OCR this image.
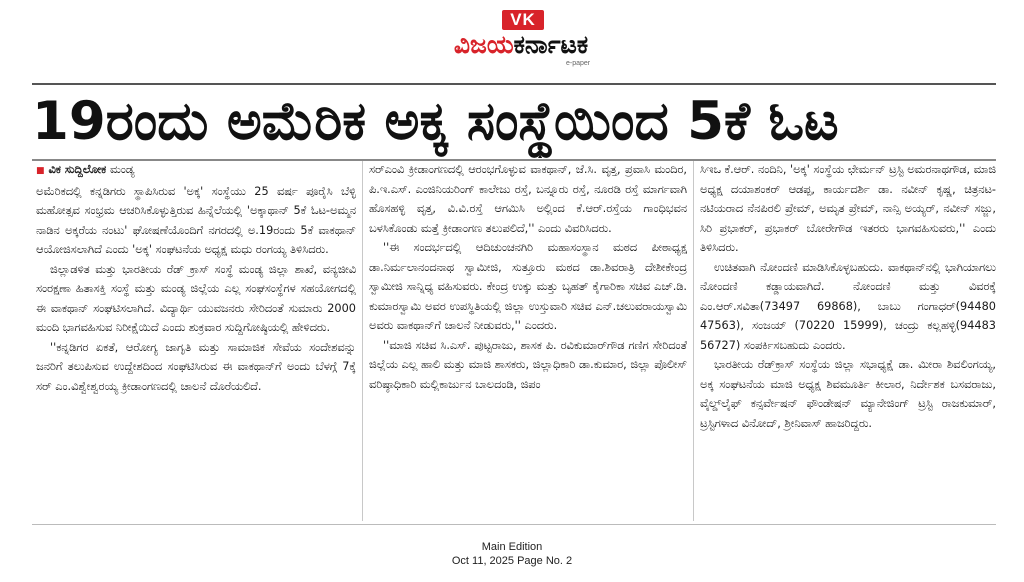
VK
ವಿಜಯಕರ್ನಾಟಕ
e-paper
19ರಂದು ಅಮೆರಿಕ ಅಕ್ಕ ಸಂಸ್ಥೆಯಿಂದ 5ಕೆ ಓಟ

■ ವಿಕ ಸುದ್ದಿಲೋಕ ಮಂಡ್ಯ

ಅಮೆರಿಕದಲ್ಲಿ ಕನ್ನಡಿಗರು ಸ್ಥಾಪಿಸಿರುವ 'ಅಕ್ಕ' ಸಂಸ್ಥೆಯು 25 ವರ್ಷ ಪೂರೈಸಿ ಬೆಳ್ಳಿ ಮಹೋತ್ಸವ ಸಂಭ್ರಮ ಆಚರಿಸಿಕೊಳ್ಳುತ್ತಿರುವ ಹಿನ್ನೆಲೆಯಲ್ಲಿ 'ಅಕ್ಕಾಥಾನ್ 5ಕೆ ಓಟ-ಅಮ್ಮನ ನಾಡಿನ ಅಕ್ಕರೆಯ ನಂಟು' ಘೋಷಣೆಯೊಂದಿಗೆ ನಗರದಲ್ಲಿ ಅ.19ರಂದು 5ಕೆ ವಾಕಥಾನ್ ಆಯೋಜಿಸಲಾಗಿದೆ ಎಂದು 'ಅಕ್ಕ' ಸಂಘಟನೆಯ ಅಧ್ಯಕ್ಷ ಮಧು ರಂಗಯ್ಯ ತಿಳಿಸಿದರು.

ಜಿಲ್ಲಾಡಳಿತ ಮತ್ತು ಭಾರತೀಯ ರೆಡ್ ಕ್ರಾಸ್ ಸಂಸ್ಥೆ ಮಂಡ್ಯ ಜಿಲ್ಲಾ ಶಾಖೆ, ವನ್ಯಜೀವಿ ಸಂರಕ್ಷಣಾ ಹಿತಾಸಕ್ತಿ ಸಂಸ್ಥೆ ಮತ್ತು ಮಂಡ್ಯ ಜಿಲ್ಲೆಯ ಎಲ್ಲ ಸಂಘಸಂಸ್ಥೆಗಳ ಸಹಯೋಗದಲ್ಲಿ ಈ ವಾಕಥಾನ್ ಸಂಘಟಿಸಲಾಗಿದೆ. ವಿದ್ಯಾರ್ಥಿ ಯುವಜನರು ಸೇರಿದಂತೆ ಸುಮಾರು 2000 ಮಂದಿ ಭಾಗವಹಿಸುವ ನಿರೀಕ್ಷೆಯಿದೆ ಎಂದು ಶುಕ್ರವಾರ ಸುದ್ದಿಗೋಷ್ಠಿಯಲ್ಲಿ ಹೇಳಿದರು.

''ಕನ್ನಡಿಗರ ಏಕತೆ, ಆರೋಗ್ಯ ಜಾಗೃತಿ ಮತ್ತು ಸಾಮಾಜಿಕ ಸೇವೆಯ ಸಂದೇಶವನ್ನು ಜನರಿಗೆ ತಲುಪಿಸುವ ಉದ್ದೇಶದಿಂದ ಸಂಘಟಿಸಿರುವ ಈ ವಾಕಥಾನ್‌ಗೆ ಅಂದು ಬೆಳಗ್ಗೆ 7ಕ್ಕೆ ಸರ್ ಎಂ.ವಿಶ್ವೇಶ್ವರಯ್ಯ ಕ್ರೀಡಾಂಗಣದಲ್ಲಿ ಚಾಲನೆ ದೊರೆಯಲಿದೆ.

ಸರ್‌ಎಂವಿ ಕ್ರೀಡಾಂಗಣದಲ್ಲಿ ಆರಂಭಗೊಳ್ಳುವ ವಾಕಥಾನ್, ಜೆ.ಸಿ. ವೃತ್ತ, ಪ್ರವಾಸಿ ಮಂದಿರ, ಪಿ.ಇ.ಎಸ್. ಎಂಜಿನಿಯರಿಂಗ್ ಕಾಲೇಜು ರಸ್ತೆ, ಬನ್ನೂರು ರಸ್ತೆ, ನೂರಡಿ ರಸ್ತೆ ಮಾರ್ಗವಾಗಿ ಹೊಸಹಳ್ಳಿ ವೃತ್ತ, ವಿ.ವಿ.ರಸ್ತೆ ಆಗಮಿಸಿ ಅಲ್ಲಿಂದ ಕೆ.ಆರ್.ರಸ್ತೆಯ ಗಾಂಧಿಭವನ ಬಳಸಿಕೊಂಡು ಮತ್ತೆ ಕ್ರೀಡಾಂಗಣ ತಲುಪಲಿದೆ,'' ಎಂದು ವಿವರಿಸಿದರು.

''ಈ ಸಂದರ್ಭದಲ್ಲಿ ಆದಿಚುಂಚನಗಿರಿ ಮಹಾಸಂಸ್ಥಾನ ಮಠದ ಪೀಠಾಧ್ಯಕ್ಷ ಡಾ.ನಿರ್ಮಲಾನಂದನಾಥ ಸ್ವಾಮೀಜಿ, ಸುತ್ತೂರು ಮಠದ ಡಾ.ಶಿವರಾತ್ರಿ ದೇಶೀಕೇಂದ್ರ ಸ್ವಾಮೀಜಿ ಸಾನ್ನಿಧ್ಯ ವಹಿಸುವರು. ಕೇಂದ್ರ ಉಕ್ಕು ಮತ್ತು ಬೃಹತ್ ಕೈಗಾರಿಕಾ ಸಚಿವ ಎಚ್.ಡಿ. ಕುಮಾರಸ್ವಾಮಿ ಅವರ ಉಪಸ್ಥಿತಿಯಲ್ಲಿ ಜಿಲ್ಲಾ ಉಸ್ತುವಾರಿ ಸಚಿವ ಎನ್.ಚಲುವರಾಯಸ್ವಾಮಿ ಅವರು ವಾಕಥಾನ್‌ಗೆ ಚಾಲನೆ ನೀಡುವರು,'' ಎಂದರು.

''ಮಾಜಿ ಸಚಿವ ಸಿ.ಎಸ್. ಪುಟ್ಟರಾಜು, ಶಾಸಕ ಪಿ. ರವಿಕುಮಾರ್‌ಗೌಡ ಗಣಿಗ ಸೇರಿದಂತೆ ಜಿಲ್ಲೆಯ ಎಲ್ಲ ಹಾಲಿ ಮತ್ತು ಮಾಜಿ ಶಾಸಕರು, ಜಿಲ್ಲಾಧಿಕಾರಿ ಡಾ.ಕುಮಾರ, ಜಿಲ್ಲಾ ಪೊಲೀಸ್ ವರಿಷ್ಠಾಧಿಕಾರಿ ಮಲ್ಲಿಕಾರ್ಜುನ ಬಾಲದಂಡಿ, ಜಿಪಂ

ಸಿಇಒ ಕೆ.ಆರ್. ನಂದಿನಿ, 'ಅಕ್ಕ' ಸಂಸ್ಥೆಯ ಛೇರ್ಮನ್ ಟ್ರಸ್ಟಿ ಅಮರನಾಥಗೌಡ, ಮಾಜಿ ಅಧ್ಯಕ್ಷ ದಯಾಶಂಕರ್ ಆಡಪ್ಪ, ಕಾರ್ಯದರ್ಶಿ ಡಾ. ನವೀನ್ ಕೃಷ್ಣ, ಚಿತ್ರನಟ-ನಟಿಯರಾದ ನೆನಪಿರಲಿ ಪ್ರೇಮ್, ಅಮೃತ ಪ್ರೇಮ್, ನಾನ್ಸಿ ಅಯ್ಯರ್, ನವೀನ್ ಸಜ್ಜು, ಸಿರಿ ಪ್ರಭಾಕರ್, ಪ್ರಭಾಕರ್ ಬೋರೇಗೌಡ ಇತರರು ಭಾಗವಹಿಸುವರು,'' ಎಂದು ತಿಳಿಸಿದರು.

ಉಚಿತವಾಗಿ ನೋಂದಣಿ ಮಾಡಿಸಿಕೊಳ್ಳಬಹುದು. ವಾಕಥಾನ್‌ನಲ್ಲಿ ಭಾಗಿಯಾಗಲು ನೋಂದಣಿ ಕಡ್ಡಾಯವಾಗಿದೆ. ನೋಂದಣಿ ಮತ್ತು ವಿವರಕ್ಕೆ ಎಂ.ಆರ್.ಸವಿತಾ(73497 69868), ಬಾಬು ಗಂಗಾಧರ್(94480 47563), ಸಂಜಯ್ (70220 15999), ಚಂದ್ರು ಕಲ್ಲಹಳ್ಳಿ(94483 56727) ಸಂಪರ್ಕಿಸಬಹುದು ಎಂದರು.

ಭಾರತೀಯ ರೆಡ್‌ಕ್ರಾಸ್ ಸಂಸ್ಥೆಯ ಜಿಲ್ಲಾ ಸಭಾಧ್ಯಕ್ಷೆ ಡಾ. ಮೀರಾ ಶಿವಲಿಂಗಯ್ಯ, ಅಕ್ಕ ಸಂಘಟನೆಯ ಮಾಜಿ ಅಧ್ಯಕ್ಷ ಶಿವಮೂರ್ತಿ ಕೀಲಾರ, ನಿರ್ದೇಶಕ ಬಸವರಾಜು, ವೈಲ್ಡ್‌ಲೈಫ್ ಕನ್ಸರ್ವೇಷನ್ ಫೌಂಡೇಷನ್ ಮ್ಯಾನೇಜಿಂಗ್ ಟ್ರಸ್ಟಿ ರಾಜಕುಮಾರ್, ಟ್ರಸ್ಟಿಗಳಾದ ವಿನೋದ್, ಶ್ರೀನಿವಾಸ್ ಹಾಜರಿದ್ದರು.

Main Edition
Oct 11, 2025 Page No. 2
